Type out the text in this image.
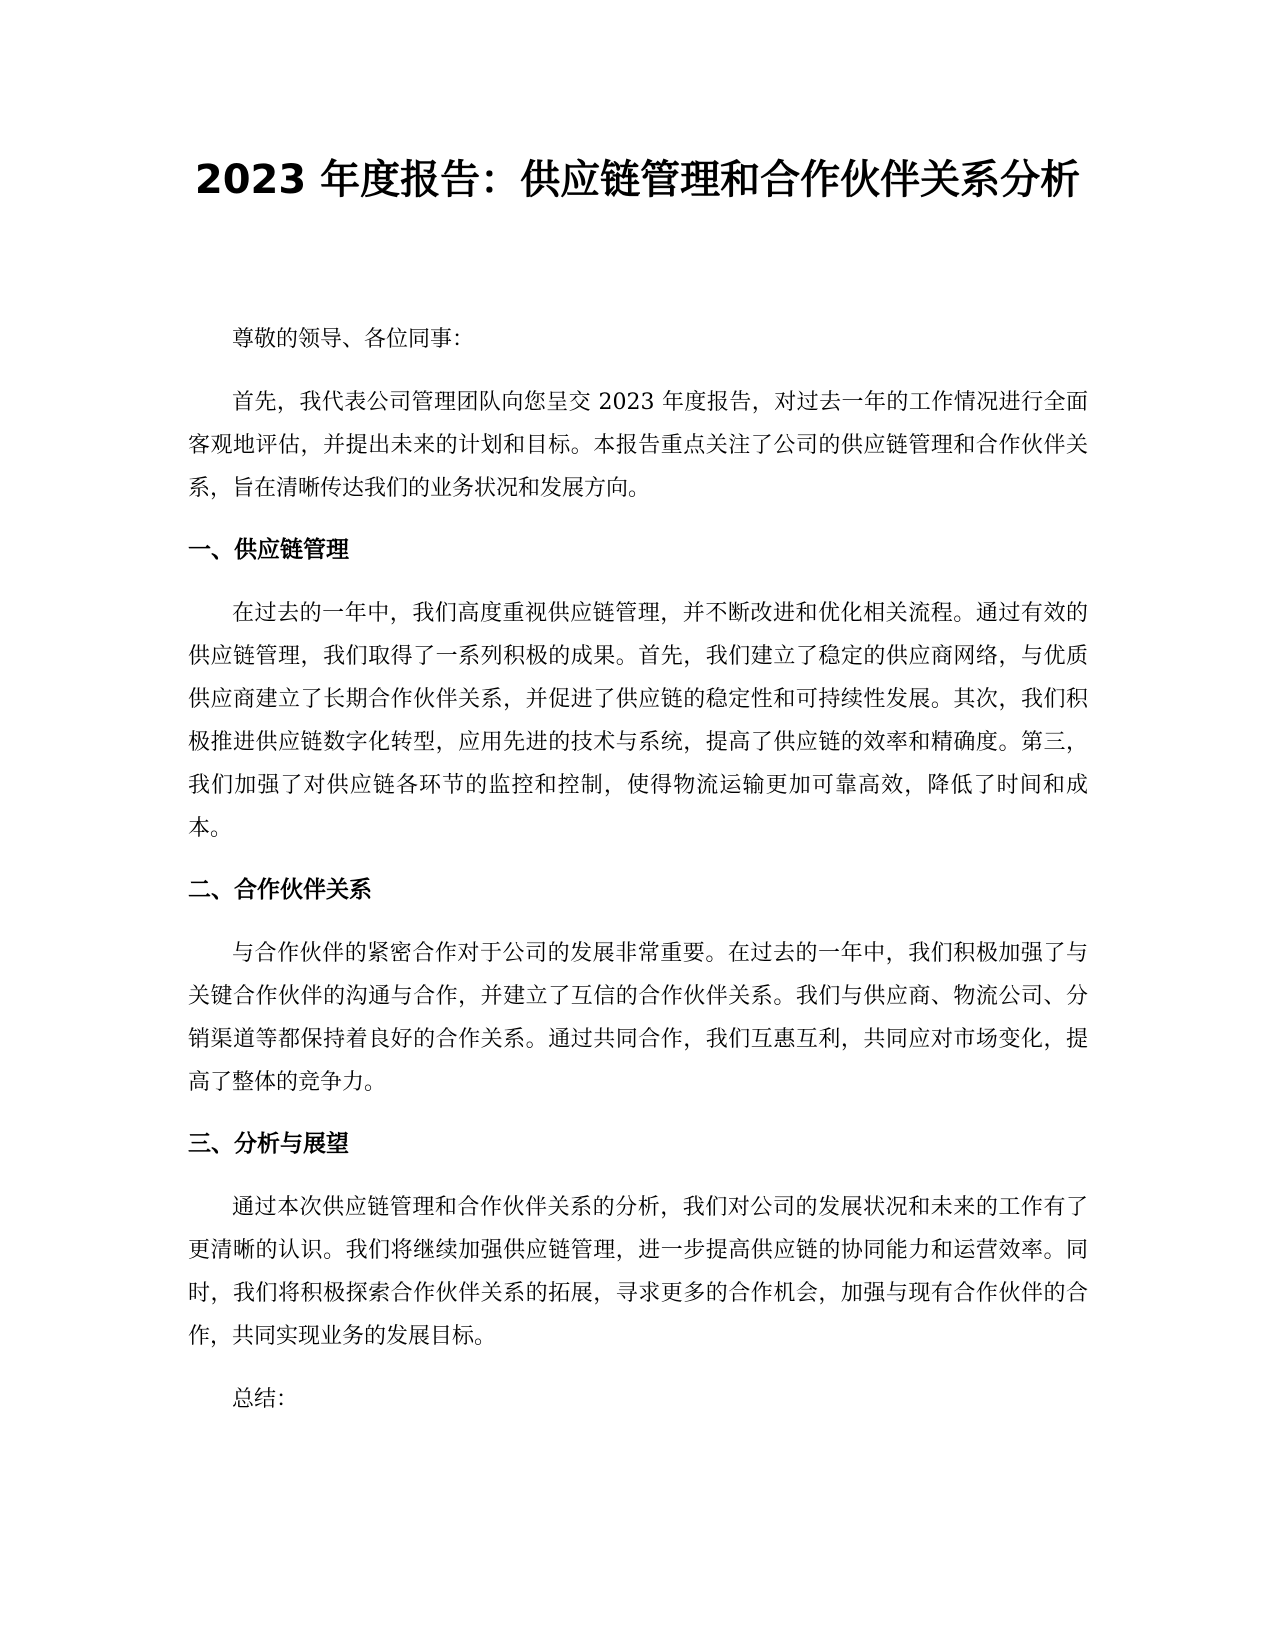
2023 年度报告：供应链管理和合作伙伴关系分析

尊敬的领导、各位同事：

首先，我代表公司管理团队向您呈交 2023 年度报告，对过去一年的工作情况进行全面客观地评估，并提出未来的计划和目标。本报告重点关注了公司的供应链管理和合作伙伴关系，旨在清晰传达我们的业务状况和发展方向。

一、供应链管理

在过去的一年中，我们高度重视供应链管理，并不断改进和优化相关流程。通过有效的供应链管理，我们取得了一系列积极的成果。首先，我们建立了稳定的供应商网络，与优质供应商建立了长期合作伙伴关系，并促进了供应链的稳定性和可持续性发展。其次，我们积极推进供应链数字化转型，应用先进的技术与系统，提高了供应链的效率和精确度。第三，我们加强了对供应链各环节的监控和控制，使得物流运输更加可靠高效，降低了时间和成本。

二、合作伙伴关系

与合作伙伴的紧密合作对于公司的发展非常重要。在过去的一年中，我们积极加强了与关键合作伙伴的沟通与合作，并建立了互信的合作伙伴关系。我们与供应商、物流公司、分销渠道等都保持着良好的合作关系。通过共同合作，我们互惠互利，共同应对市场变化，提高了整体的竞争力。

三、分析与展望

通过本次供应链管理和合作伙伴关系的分析，我们对公司的发展状况和未来的工作有了更清晰的认识。我们将继续加强供应链管理，进一步提高供应链的协同能力和运营效率。同时，我们将积极探索合作伙伴关系的拓展，寻求更多的合作机会，加强与现有合作伙伴的合作，共同实现业务的发展目标。

总结：
